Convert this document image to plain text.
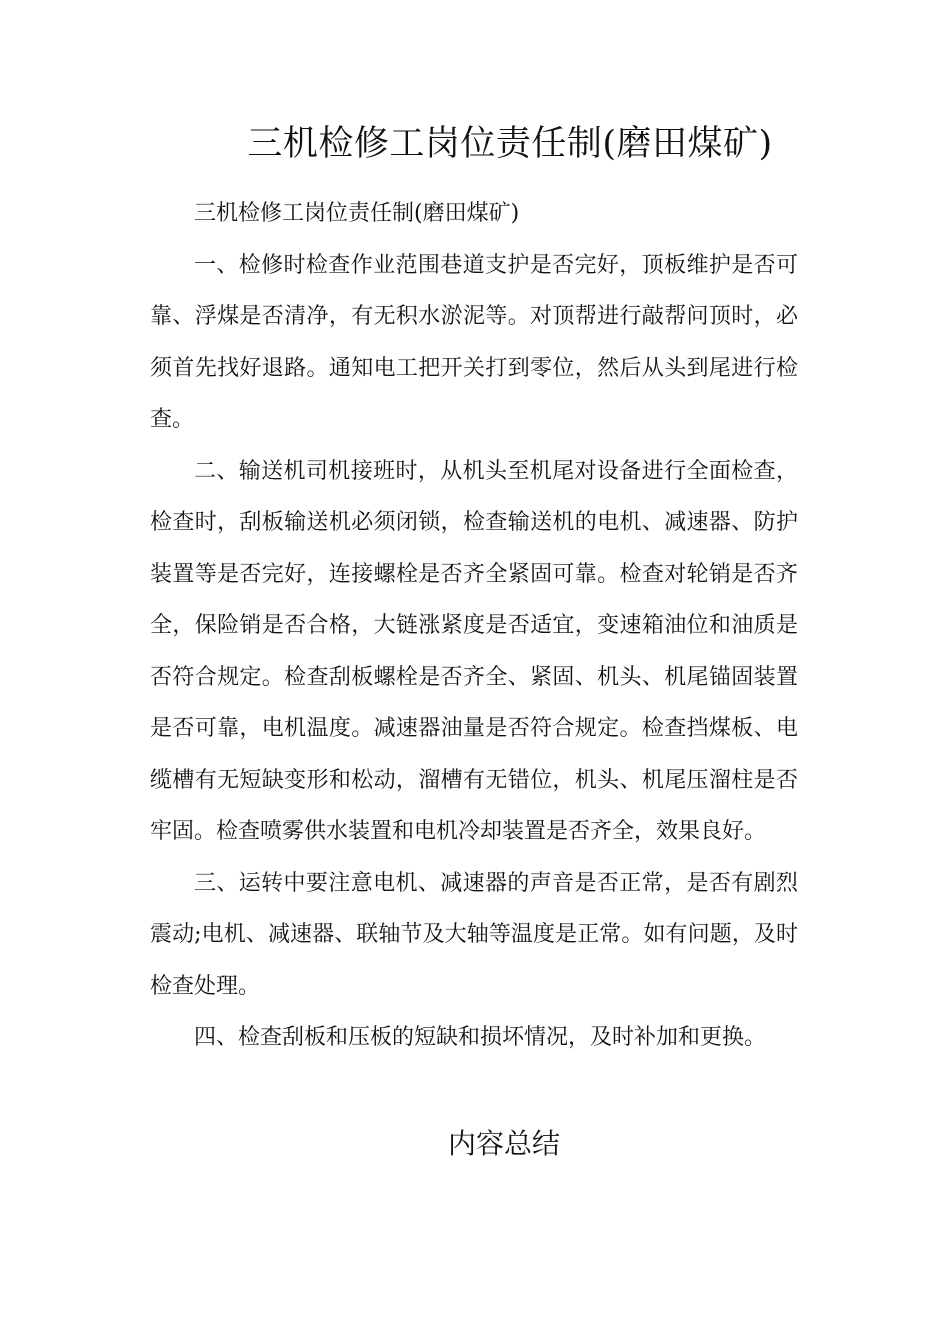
三机检修工岗位责任制(磨田煤矿)

三机检修工岗位责任制(磨田煤矿)

一、检修时检查作业范围巷道支护是否完好，顶板维护是否可靠、浮煤是否清净，有无积水淤泥等。对顶帮进行敲帮问顶时，必须首先找好退路。通知电工把开关打到零位，然后从头到尾进行检查。

二、输送机司机接班时，从机头至机尾对设备进行全面检查，检查时，刮板输送机必须闭锁，检查输送机的电机、减速器、防护装置等是否完好，连接螺栓是否齐全紧固可靠。检查对轮销是否齐全，保险销是否合格，大链涨紧度是否适宜，变速箱油位和油质是否符合规定。检查刮板螺栓是否齐全、紧固、机头、机尾锚固装置是否可靠，电机温度。减速器油量是否符合规定。检查挡煤板、电缆槽有无短缺变形和松动，溜槽有无错位，机头、机尾压溜柱是否牢固。检查喷雾供水装置和电机冷却装置是否齐全，效果良好。

三、运转中要注意电机、减速器的声音是否正常，是否有剧烈震动;电机、减速器、联轴节及大轴等温度是正常。如有问题，及时检查处理。

四、检查刮板和压板的短缺和损坏情况，及时补加和更换。

内容总结
